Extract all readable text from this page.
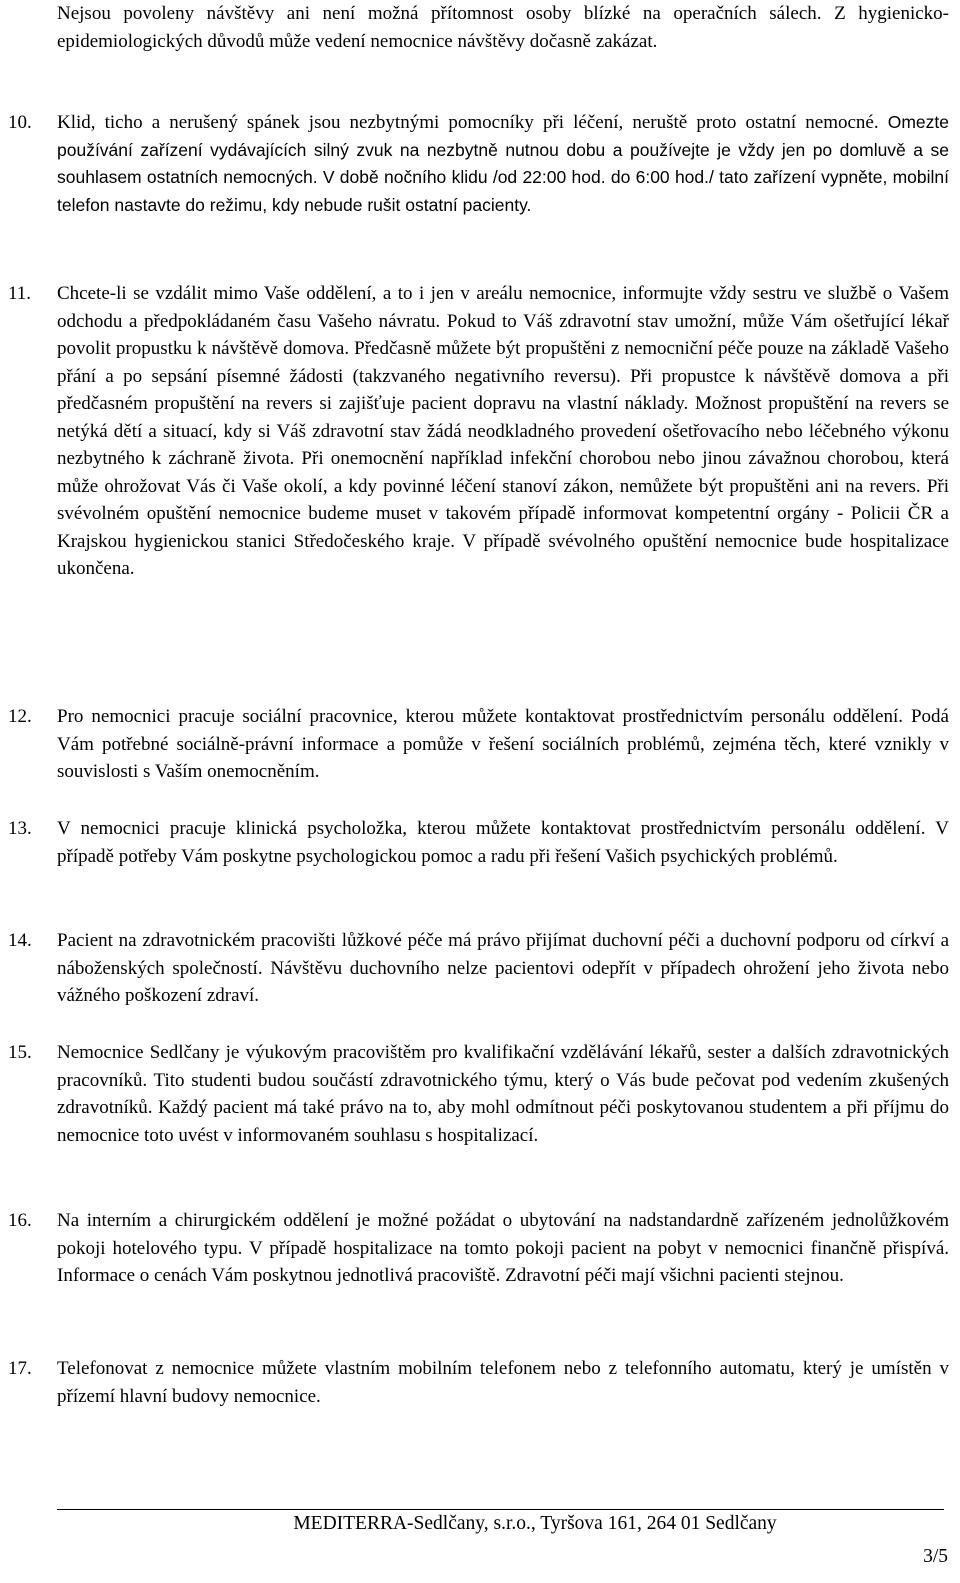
Nejsou povoleny návštěvy ani není možná přítomnost osoby blízké na operačních sálech. Z hygienicko-epidemiologických důvodů může vedení nemocnice návštěvy dočasně zakázat.
10.	Klid, ticho a nerušený spánek jsou nezbytnými pomocníky při léčení, neruště proto ostatní nemocné. Omezte používání zařízení vydávajících silný zvuk na nezbytně nutnou dobu a používejte je vždy jen po domluvě a se souhlasem ostatních nemocných. V době nočního klidu /od 22:00 hod. do 6:00 hod./ tato zařízení vypněte, mobilní telefon nastavte do režimu, kdy nebude rušit ostatní pacienty.
11.	Chcete-li se vzdálit mimo Vaše oddělení, a to i jen v areálu nemocnice, informujte vždy sestru ve službě o Vašem odchodu a předpokládaném času Vašeho návratu. Pokud to Váš zdravotní stav umožní, může Vám ošetřující lékař povolit propustku k návštěvě domova. Předčasně můžete být propuštěni z nemocniční péče pouze na základě Vašeho přání a po sepsání písemné žádosti (takzvaného negativního reversu). Při propustce k návštěvě domova a při předčasném propuštění na revers si zajišťuje pacient dopravu na vlastní náklady. Možnost propuštění na revers se netýká dětí a situací, kdy si Váš zdravotní stav žádá neodkladného provedení ošetřovacího nebo léčebného výkonu nezbytného k záchraně života. Při onemocnění například infekční chorobou nebo jinou závažnou chorobou, která může ohrožovat Vás či Vaše okolí, a kdy povinné léčení stanoví zákon, nemůžete být propuštěni ani na revers. Při svévolném opuštění nemocnice budeme muset v takovém případě informovat kompetentní orgány - Policii ČR a Krajskou hygienickou stanici Středočeského kraje. V případě svévolného opuštění nemocnice bude hospitalizace ukončena.
12.	Pro nemocnici pracuje sociální pracovnice, kterou můžete kontaktovat prostřednictvím personálu oddělení. Podá Vám potřebné sociálně-právní informace a pomůže v řešení sociálních problémů, zejména těch, které vznikly v souvislosti s Vaším onemocněním.
13.	V nemocnici pracuje klinická psycholožka, kterou můžete kontaktovat prostřednictvím personálu oddělení. V případě potřeby Vám poskytne psychologickou pomoc a radu při řešení Vašich psychických problémů.
14.	Pacient na zdravotnickém pracovišti lůžkové péče má právo přijímat duchovní péči a duchovní podporu od církví a náboženských společností. Návštěvu duchovního nelze pacientovi odepřít v případech ohrožení jeho života nebo vážného poškození zdraví.
15.	Nemocnice Sedlčany je výukovým pracovištěm pro kvalifikační vzdělávání lékařů, sester a dalších zdravotnických pracovníků. Tito studenti budou součástí zdravotnického týmu, který o Vás bude pečovat pod vedením zkušených zdravotníků. Každý pacient má také právo na to, aby mohl odmítnout péči poskytovanou studentem a při příjmu do nemocnice toto uvést v informovaném souhlasu s hospitalizací.
16.	Na interním a chirurgickém oddělení je možné požádat o ubytování na nadstandardně zařízeném jednolůžkovém pokoji hotelového typu. V případě hospitalizace na tomto pokoji pacient na pobyt v nemocnici finančně přispívá. Informace o cenách Vám poskytnou jednotlivá pracoviště. Zdravotní péči mají všichni pacienti stejnou.
17.	Telefonovat z nemocnice můžete vlastním mobilním telefonem nebo z telefonního automatu, který je umístěn v přízemí hlavní budovy nemocnice.
MEDITERRA-Sedlčany, s.r.o., Tyršova 161, 264 01 Sedlčany
3/5
